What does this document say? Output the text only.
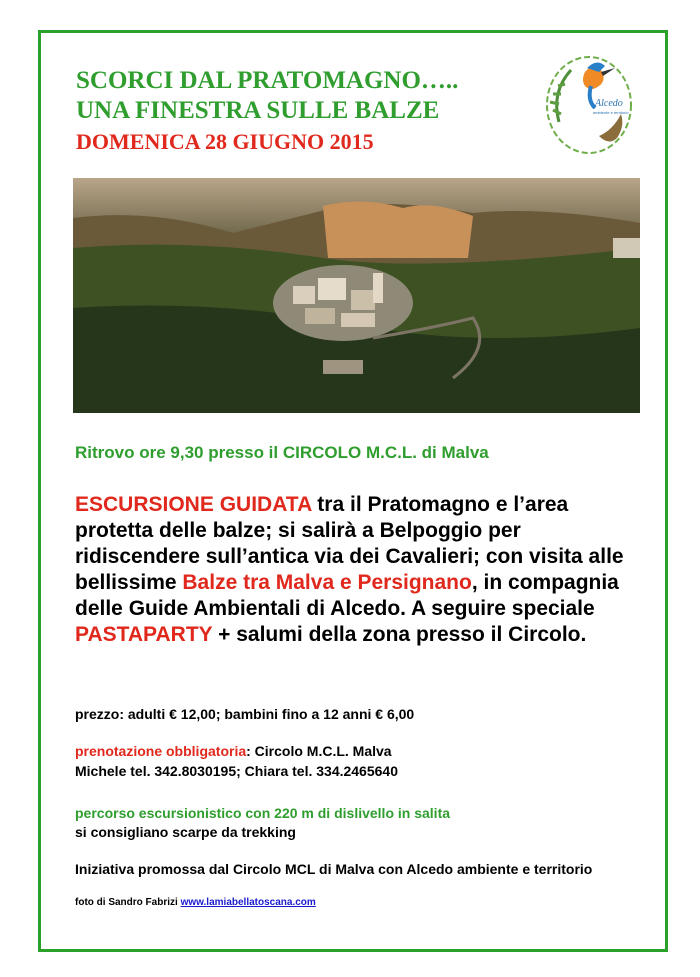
SCORCI DAL PRATOMAGNO…..
UNA FINESTRA SULLE BALZE
DOMENICA 28 GIUGNO 2015
Alcedo
ambiente e territorio
Ritrovo ore 9,30 presso il CIRCOLO M.C.L. di Malva
ESCURSIONE GUIDATA tra il Pratomagno e l’area protetta delle balze; si salirà a Belpoggio per ridiscendere sull’antica via dei Cavalieri; con visita alle bellissime Balze tra Malva e Persignano, in compagnia delle Guide Ambientali di Alcedo. A seguire speciale PASTAPARTY + salumi della zona presso il Circolo.
prezzo: adulti € 12,00; bambini fino a 12 anni € 6,00
prenotazione obbligatoria: Circolo M.C.L. Malva
Michele tel. 342.8030195; Chiara tel. 334.2465640
percorso escursionistico con 220 m di dislivello in salita
si consigliano scarpe da trekking
Iniziativa promossa dal Circolo MCL di Malva con Alcedo ambiente e territorio
foto di Sandro Fabrizi www.lamiabellatoscana.com
